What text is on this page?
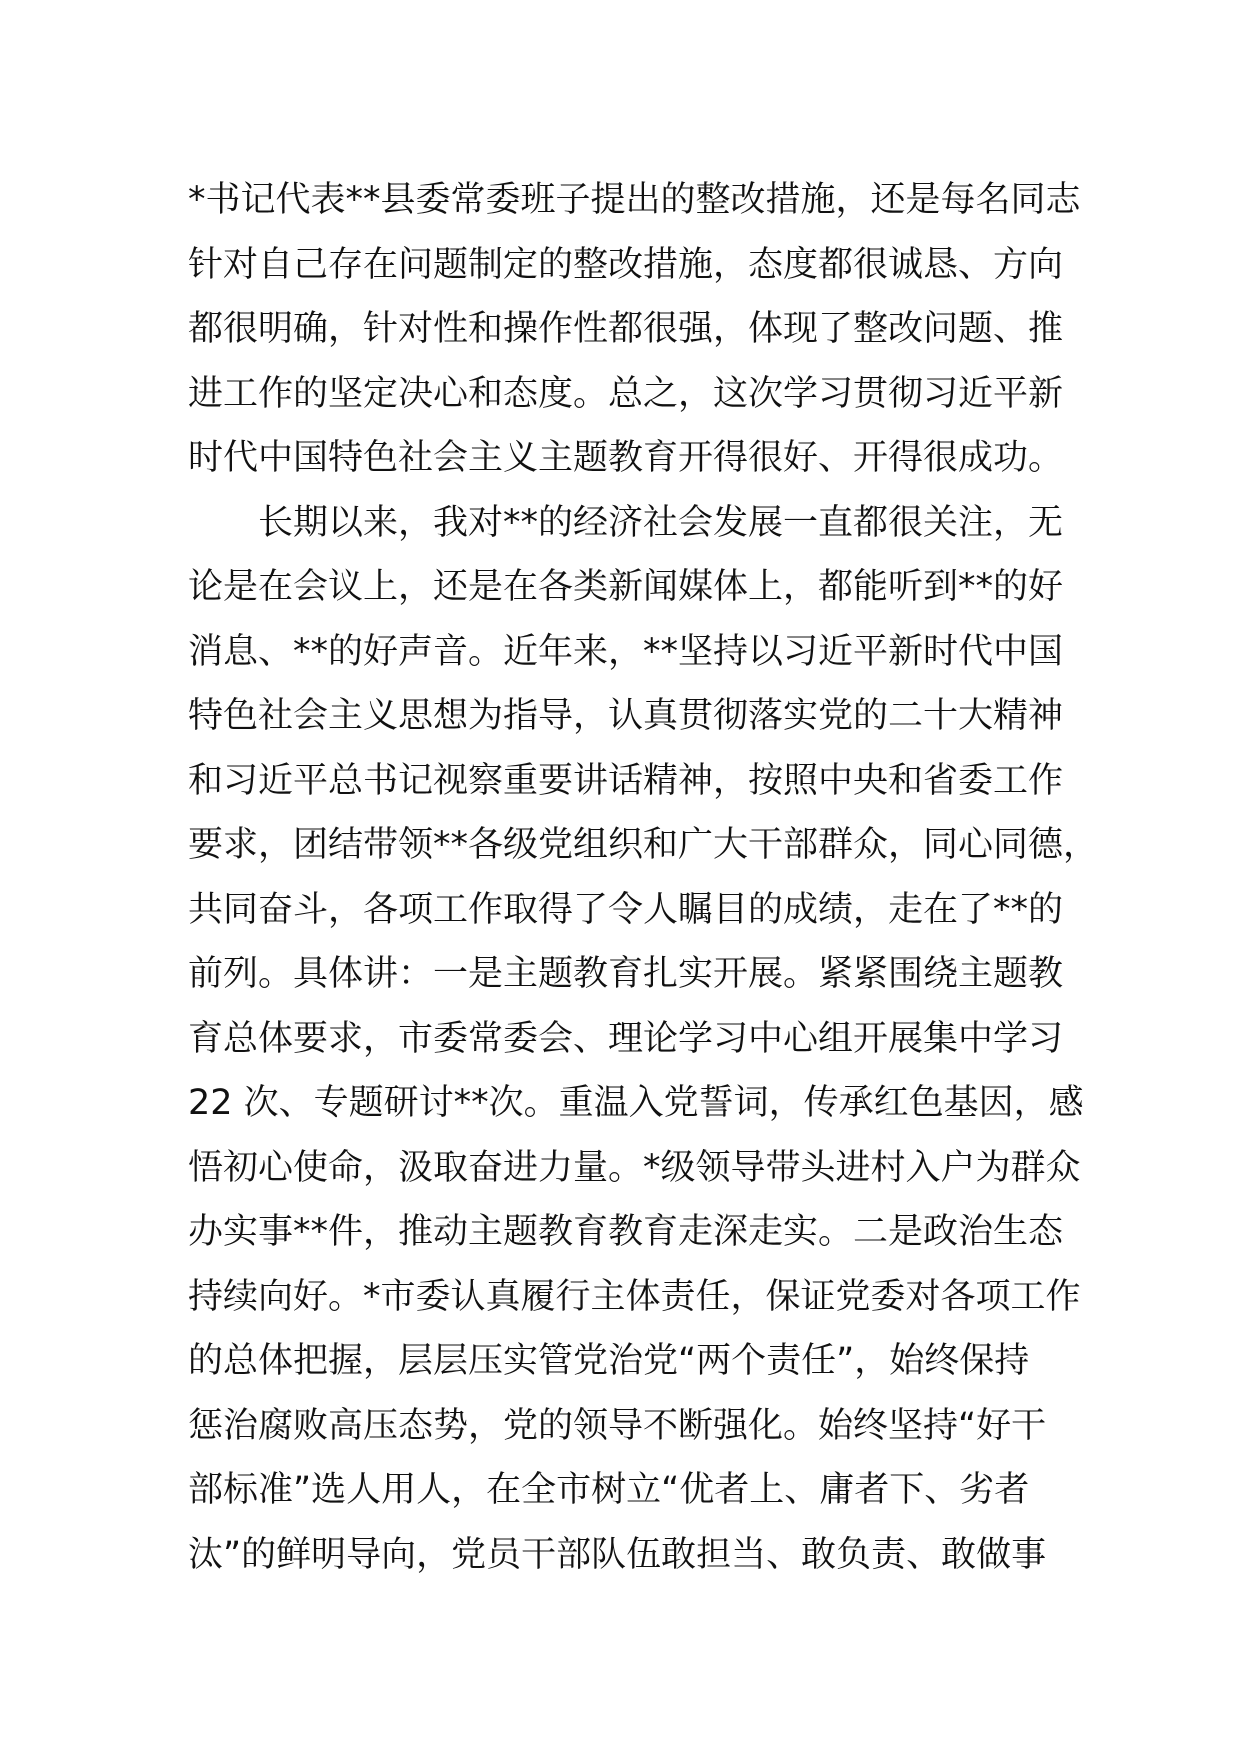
*书记代表**县委常委班子提出的整改措施，还是每名同志
针对自己存在问题制定的整改措施，态度都很诚恳、方向
都很明确，针对性和操作性都很强，体现了整改问题、推
进工作的坚定决心和态度。总之，这次学习贯彻习近平新
时代中国特色社会主义主题教育开得很好、开得很成功。
长期以来，我对**的经济社会发展一直都很关注，无
论是在会议上，还是在各类新闻媒体上，都能听到**的好
消息、**的好声音。近年来，**坚持以习近平新时代中国
特色社会主义思想为指导，认真贯彻落实党的二十大精神
和习近平总书记视察重要讲话精神，按照中央和省委工作
要求，团结带领**各级党组织和广大干部群众，同心同德，
共同奋斗，各项工作取得了令人瞩目的成绩，走在了**的
前列。具体讲：一是主题教育扎实开展。紧紧围绕主题教
育总体要求，市委常委会、理论学习中心组开展集中学习
22 次、专题研讨**次。重温入党誓词，传承红色基因，感
悟初心使命，汲取奋进力量。*级领导带头进村入户为群众
办实事**件，推动主题教育教育走深走实。二是政治生态
持续向好。*市委认真履行主体责任，保证党委对各项工作
的总体把握，层层压实管党治党“两个责任”，始终保持
惩治腐败高压态势，党的领导不断强化。始终坚持“好干
部标准”选人用人，在全市树立“优者上、庸者下、劣者
汰”的鲜明导向，党员干部队伍敢担当、敢负责、敢做事
